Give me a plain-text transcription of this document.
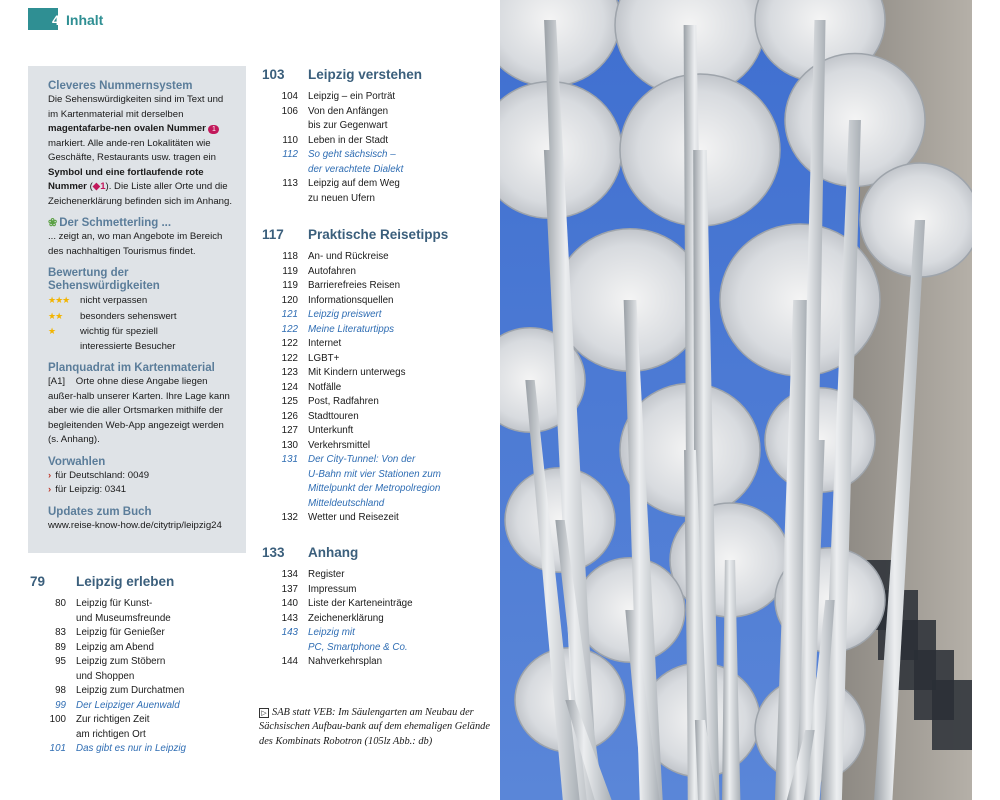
4 Inhalt
Cleveres Nummernsystem
Die Sehenswürdigkeiten sind im Text und im Kartenmaterial mit derselben magentafarbe-nen ovalen Nummer 1 markiert. Alle ande-ren Lokalitäten wie Geschäfte, Restaurants usw. tragen ein Symbol und eine fortlaufende rote Nummer (◆1). Die Liste aller Orte und die Zeichenerklärung befinden sich im Anhang.
❀ Der Schmetterling ...
... zeigt an, wo man Angebote im Bereich des nachhaltigen Tourismus findet.
Bewertung der Sehenswürdigkeiten
★★★ nicht verpassen
★★ besonders sehenswert
★	wichtig für speziell
interessierte Besucher
Planquadrat im Kartenmaterial
[A1] Orte ohne diese Angabe liegen außer-halb unserer Karten. Ihre Lage kann aber wie die aller Ortsmarken mithilfe der begleitenden Web-App angezeigt werden (s. Anhang).
Vorwahlen
› für Deutschland: 0049
› für Leipzig: 0341
Updates zum Buch
www.reise-know-how.de/citytrip/leipzig24
79	Leipzig erleben
80	Leipzig für Kunst-
und Museumsfreunde
83	Leipzig für Genießer
89	Leipzig am Abend
95	Leipzig zum Stöbern
und Shoppen
98	Leipzig zum Durchatmen
99	Der Leipziger Auenwald
100	Zur richtigen Zeit
am richtigen Ort
101	Das gibt es nur in Leipzig
103	Leipzig verstehen
104	Leipzig – ein Porträt
106	Von den Anfängen
bis zur Gegenwart
110	Leben in der Stadt
112	So geht sächsisch –
der verachtete Dialekt
113	Leipzig auf dem Weg
zu neuen Ufern
117	Praktische Reisetipps
118	An- und Rückreise
119	Autofahren
119	Barrierefreies Reisen
120	Informationsquellen
121	Leipzig preiswert
122	Meine Literaturtipps
122	Internet
122	LGBT+
123	Mit Kindern unterwegs
124	Notfälle
125	Post, Radfahren
126	Stadttouren
127	Unterkunft
130	Verkehrsmittel
131	Der City-Tunnel: Von der
U-Bahn mit vier Stationen zum
Mittelpunkt der Metropolregion
Mitteldeutschland
132	Wetter und Reisezeit
133	Anhang
134	Register
137	Impressum
140	Liste der Karteneinträge
143	Zeichenerklärung
143	Leipzig mit
PC, Smartphone & Co.
144	Nahverkehrsplan
▷ SAB statt VEB: Im Säulengarten am Neubau der Sächsischen Aufbau-bank auf dem ehemaligen Gelände des Kombinats Robotron (105lz Abb.: db)
